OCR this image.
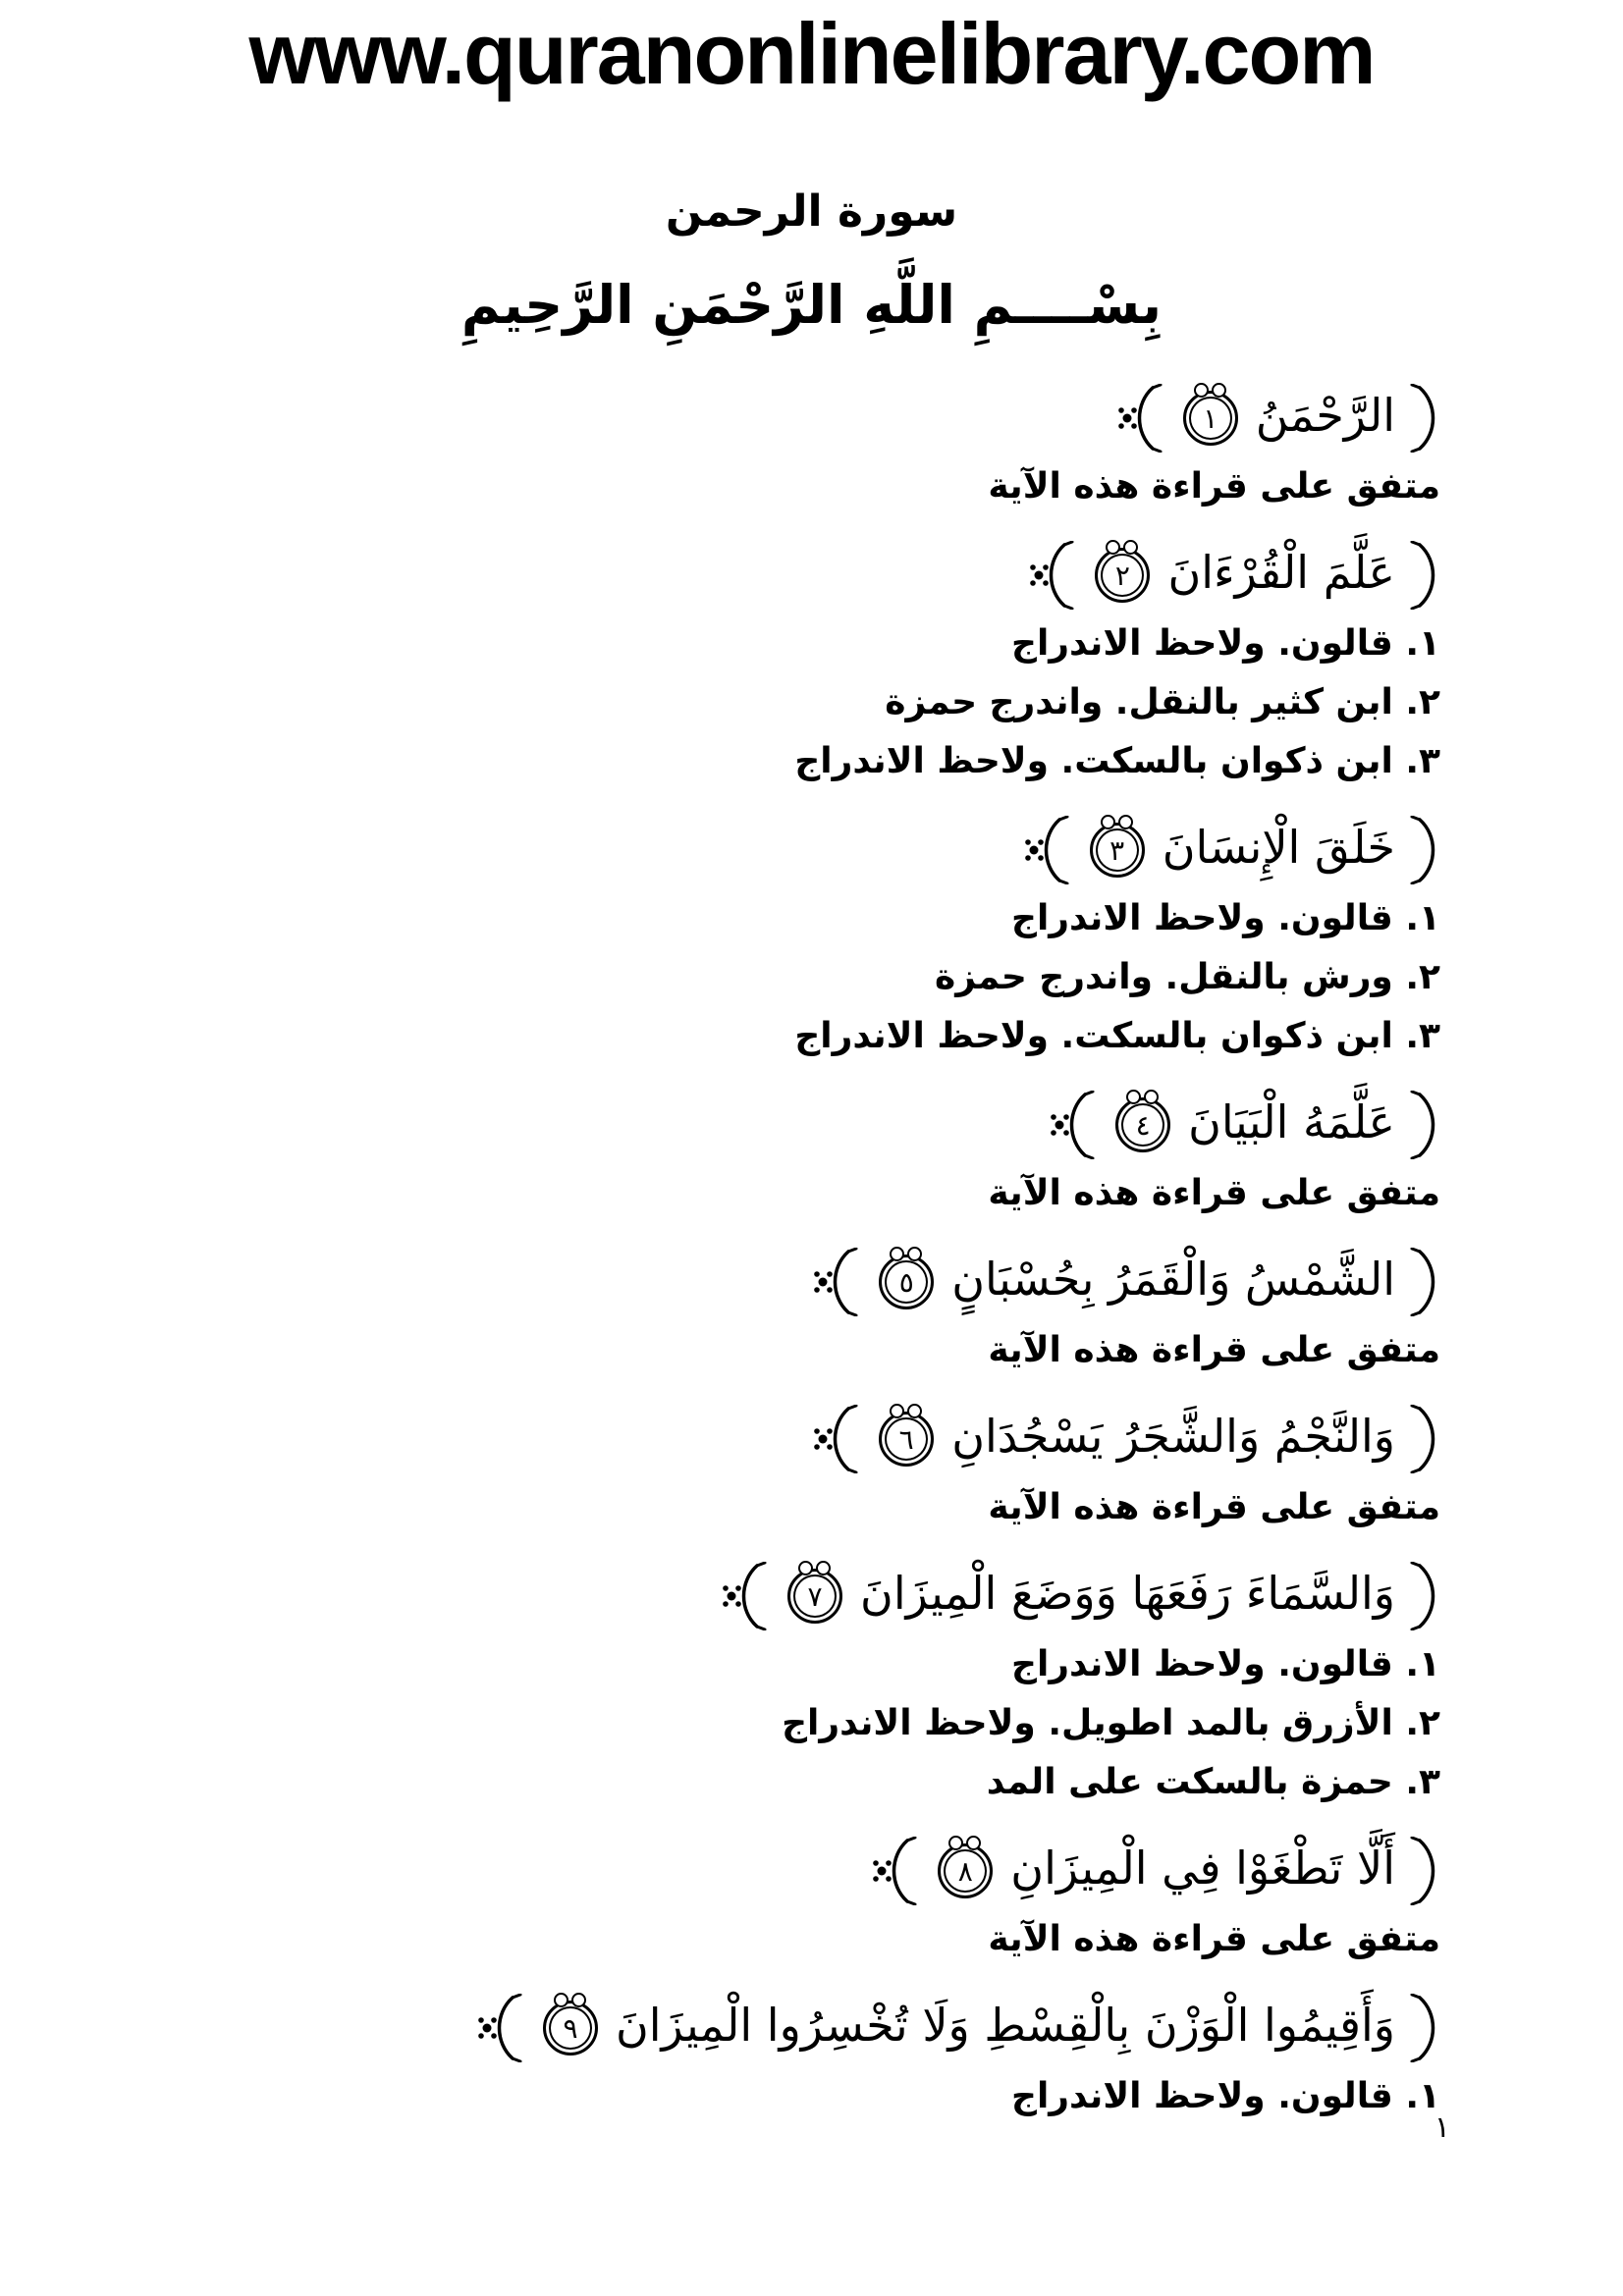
www.quranonlinelibrary.com
سورة الرحمن
بِسْــــمِ اللَّهِ الرَّحْمَنِ الرَّحِيمِ
الرَّحْمَنُ
١
متفق على قراءة هذه الآية
عَلَّمَ الْقُرْءَانَ
٢
١. قالون. ولاحظ الاندراج
٢. ابن كثير بالنقل. واندرج حمزة
٣. ابن ذكوان بالسكت. ولاحظ الاندراج
خَلَقَ الْإِنسَانَ
٣
١. قالون. ولاحظ الاندراج
٢. ورش بالنقل. واندرج حمزة
٣. ابن ذكوان بالسكت. ولاحظ الاندراج
عَلَّمَهُ الْبَيَانَ
٤
متفق على قراءة هذه الآية
الشَّمْسُ وَالْقَمَرُ بِحُسْبَانٍ
٥
متفق على قراءة هذه الآية
وَالنَّجْمُ وَالشَّجَرُ يَسْجُدَانِ
٦
متفق على قراءة هذه الآية
وَالسَّمَاءَ رَفَعَهَا وَوَضَعَ الْمِيزَانَ
٧
١. قالون. ولاحظ الاندراج
٢. الأزرق بالمد اطويل. ولاحظ الاندراج
٣. حمزة بالسكت على المد
أَلَّا تَطْغَوْا فِي الْمِيزَانِ
٨
متفق على قراءة هذه الآية
وَأَقِيمُوا الْوَزْنَ بِالْقِسْطِ وَلَا تُخْسِرُوا الْمِيزَانَ
٩
١. قالون. ولاحظ الاندراج
١
